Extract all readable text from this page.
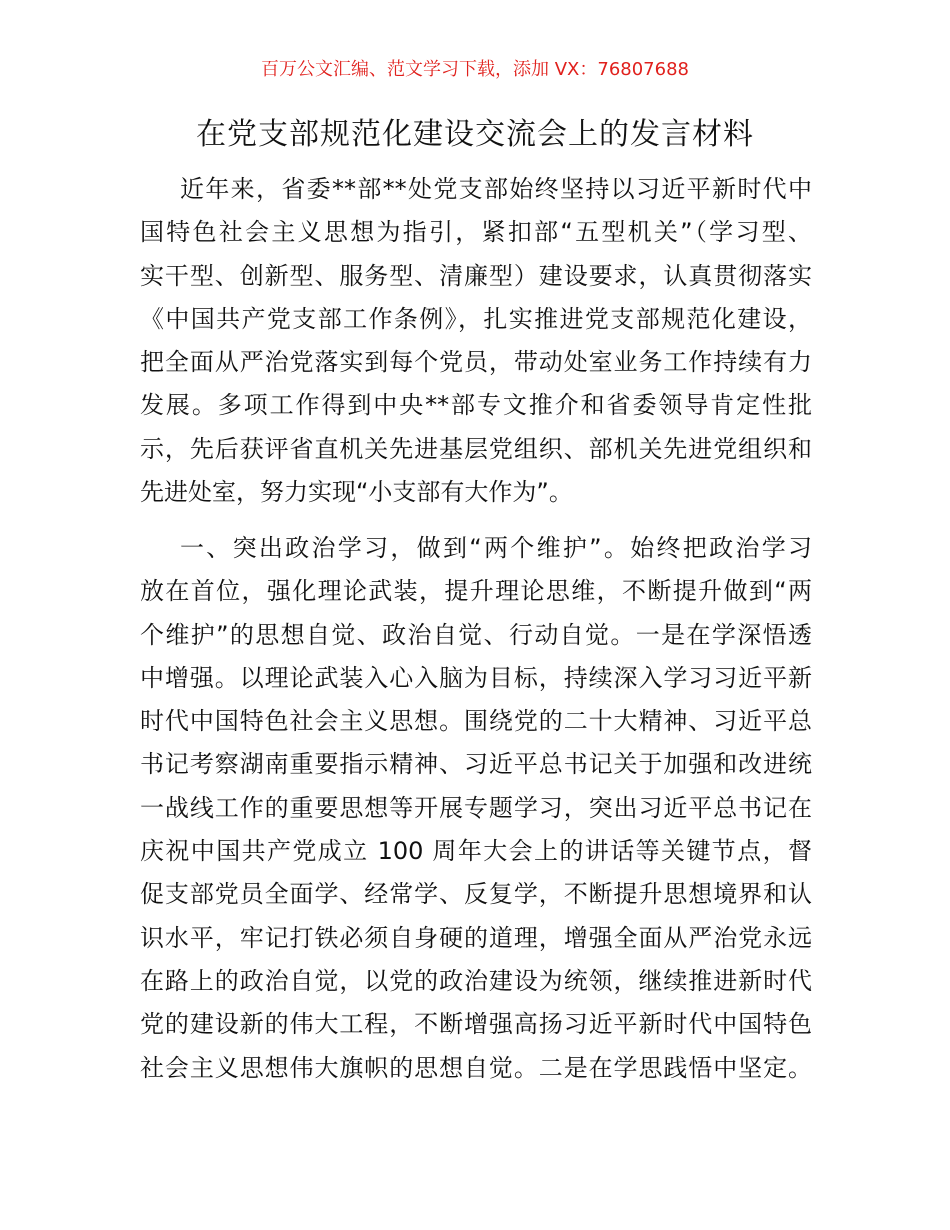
百万公文汇编、范文学习下载，添加 VX：76807688
在党支部规范化建设交流会上的发言材料
近年来，省委**部**处党支部始终坚持以习近平新时代中
国特色社会主义思想为指引，紧扣部“五型机关”（学习型、
实干型、创新型、服务型、清廉型）建设要求，认真贯彻落实
《中国共产党支部工作条例》，扎实推进党支部规范化建设，
把全面从严治党落实到每个党员，带动处室业务工作持续有力
发展。多项工作得到中央**部专文推介和省委领导肯定性批
示，先后获评省直机关先进基层党组织、部机关先进党组织和
先进处室，努力实现“小支部有大作为”。
一、突出政治学习，做到“两个维护”。始终把政治学习
放在首位，强化理论武装，提升理论思维，不断提升做到“两
个维护”的思想自觉、政治自觉、行动自觉。一是在学深悟透
中增强。以理论武装入心入脑为目标，持续深入学习习近平新
时代中国特色社会主义思想。围绕党的二十大精神、习近平总
书记考察湖南重要指示精神、习近平总书记关于加强和改进统
一战线工作的重要思想等开展专题学习，突出习近平总书记在
庆祝中国共产党成立 100 周年大会上的讲话等关键节点，督
促支部党员全面学、经常学、反复学，不断提升思想境界和认
识水平，牢记打铁必须自身硬的道理，增强全面从严治党永远
在路上的政治自觉，以党的政治建设为统领，继续推进新时代
党的建设新的伟大工程，不断增强高扬习近平新时代中国特色
社会主义思想伟大旗帜的思想自觉。二是在学思践悟中坚定。
